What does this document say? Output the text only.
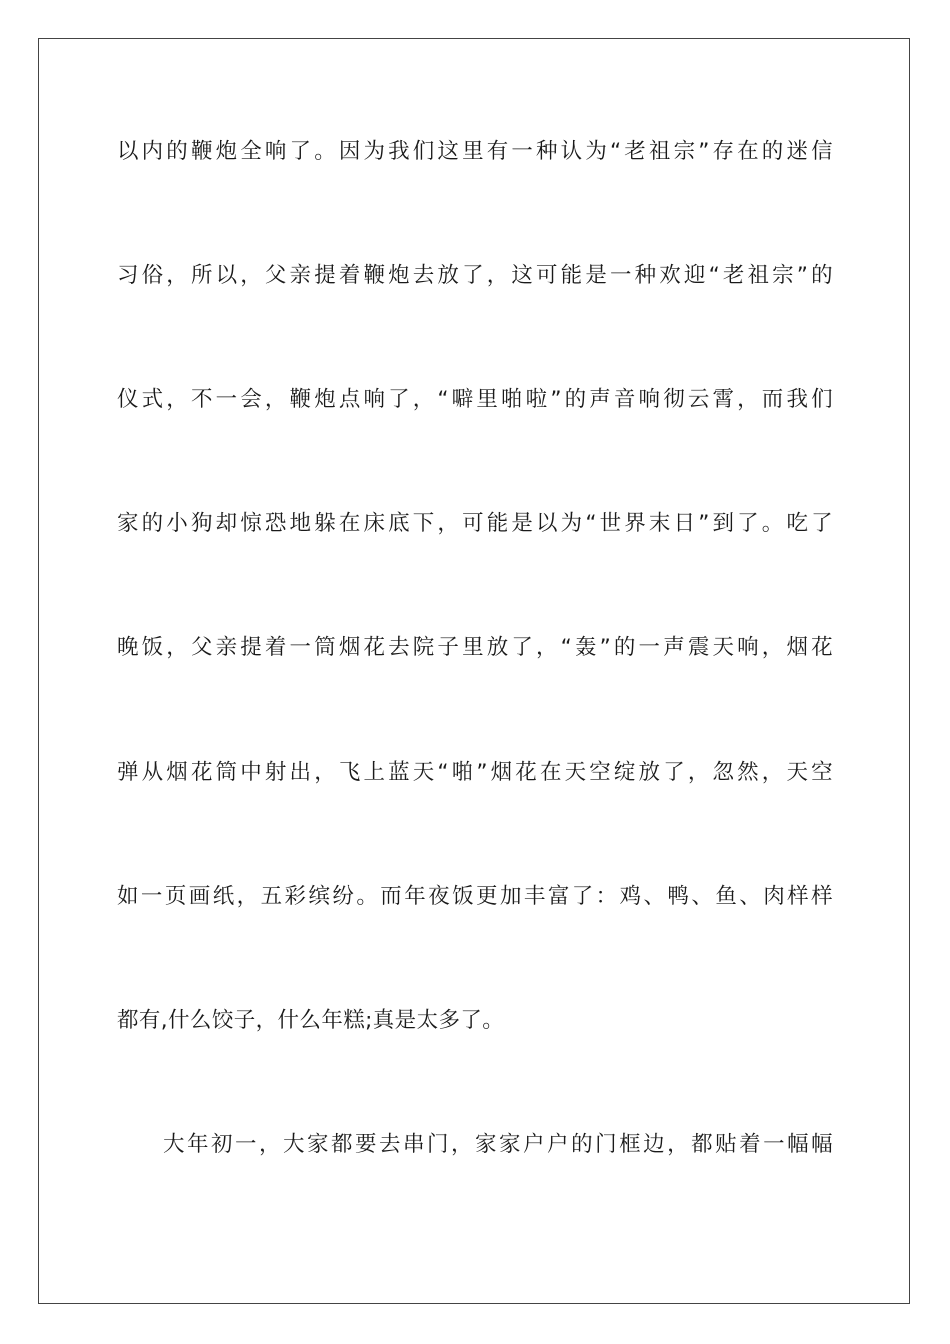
以内的鞭炮全响了。因为我们这里有一种认为“老祖宗”存在的迷信
习俗，所以，父亲提着鞭炮去放了，这可能是一种欢迎“老祖宗”的
仪式，不一会，鞭炮点响了，“噼里啪啦”的声音响彻云霄，而我们
家的小狗却惊恐地躲在床底下，可能是以为“世界末日”到了。吃了
晚饭，父亲提着一筒烟花去院子里放了，“轰”的一声震天响，烟花
弹从烟花筒中射出，飞上蓝天“啪”烟花在天空绽放了，忽然，天空
如一页画纸，五彩缤纷。而年夜饭更加丰富了：鸡、鸭、鱼、肉样样
都有,什么饺子，什么年糕;真是太多了。
大年初一，大家都要去串门，家家户户的门框边，都贴着一幅幅
